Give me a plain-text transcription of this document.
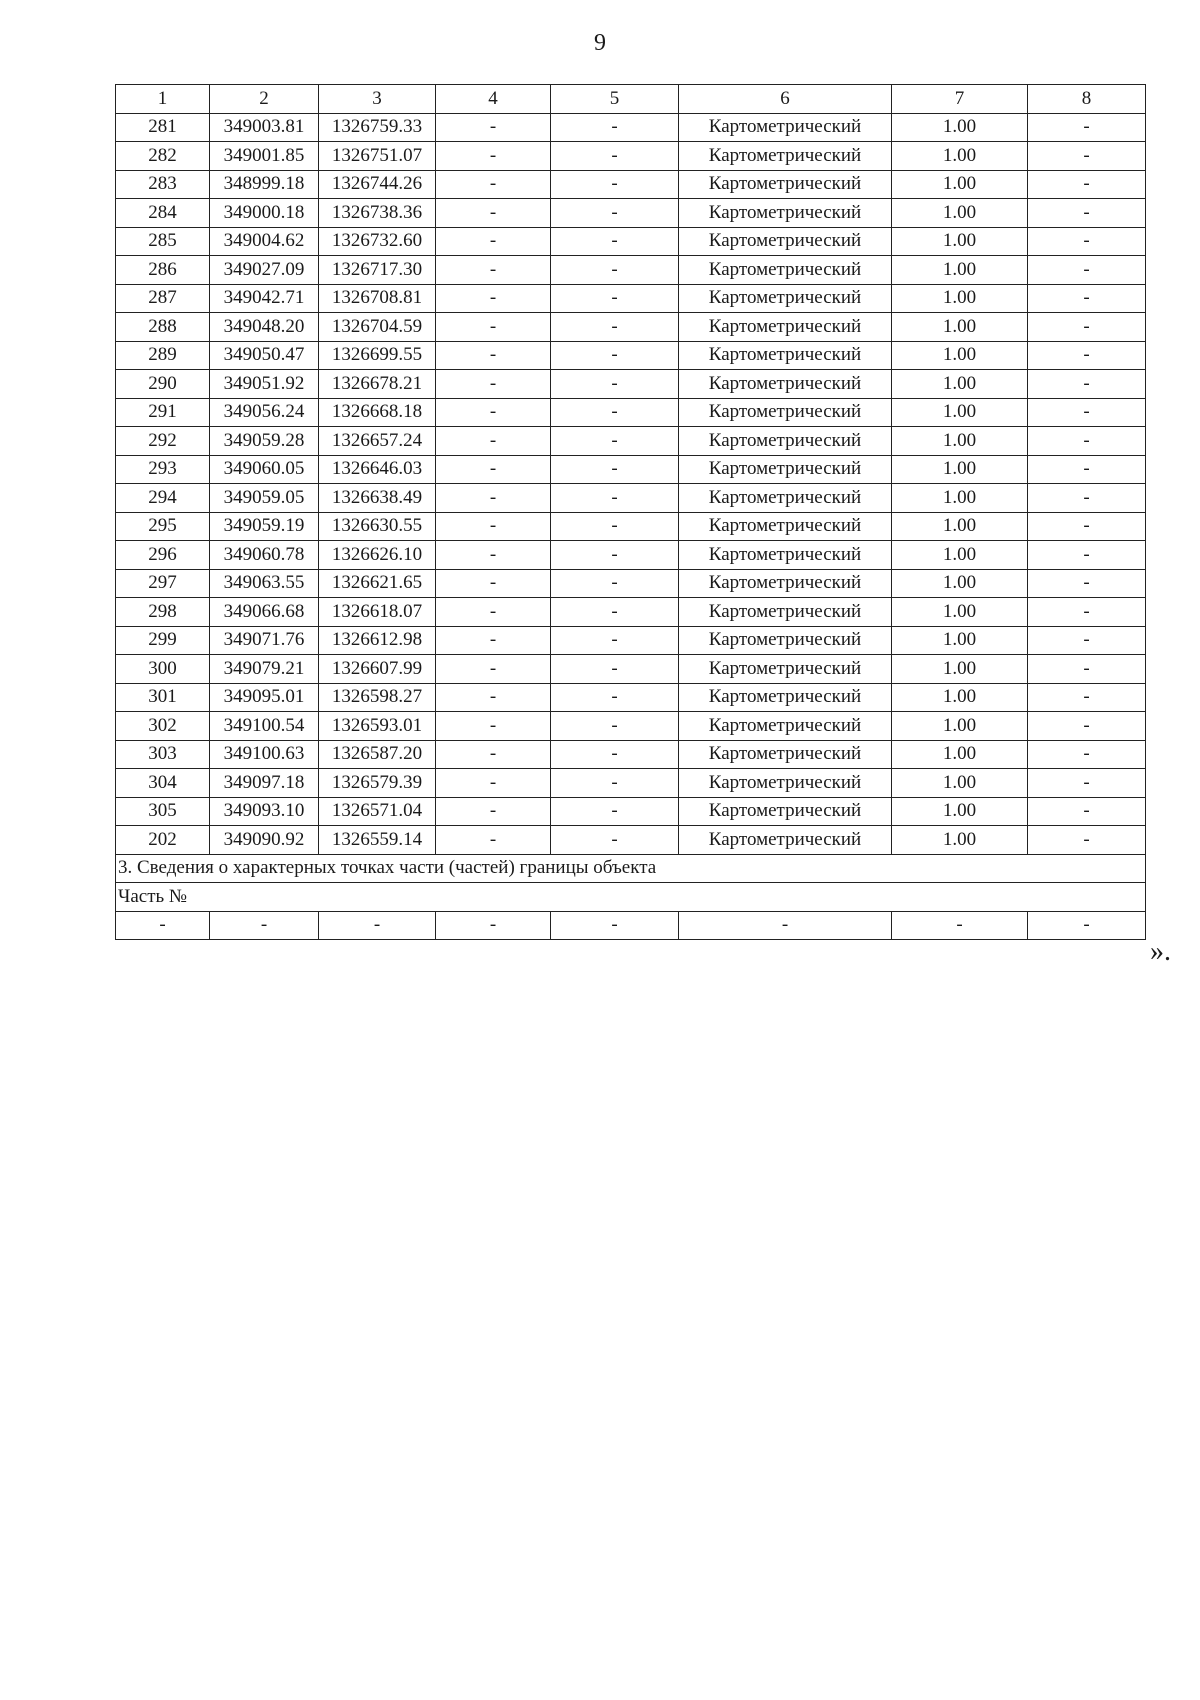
9
1	2	3	4	5	6	7	8
281	349003.81	1326759.33	-	-	Картометрический	1.00	-
282	349001.85	1326751.07	-	-	Картометрический	1.00	-
283	348999.18	1326744.26	-	-	Картометрический	1.00	-
284	349000.18	1326738.36	-	-	Картометрический	1.00	-
285	349004.62	1326732.60	-	-	Картометрический	1.00	-
286	349027.09	1326717.30	-	-	Картометрический	1.00	-
287	349042.71	1326708.81	-	-	Картометрический	1.00	-
288	349048.20	1326704.59	-	-	Картометрический	1.00	-
289	349050.47	1326699.55	-	-	Картометрический	1.00	-
290	349051.92	1326678.21	-	-	Картометрический	1.00	-
291	349056.24	1326668.18	-	-	Картометрический	1.00	-
292	349059.28	1326657.24	-	-	Картометрический	1.00	-
293	349060.05	1326646.03	-	-	Картометрический	1.00	-
294	349059.05	1326638.49	-	-	Картометрический	1.00	-
295	349059.19	1326630.55	-	-	Картометрический	1.00	-
296	349060.78	1326626.10	-	-	Картометрический	1.00	-
297	349063.55	1326621.65	-	-	Картометрический	1.00	-
298	349066.68	1326618.07	-	-	Картометрический	1.00	-
299	349071.76	1326612.98	-	-	Картометрический	1.00	-
300	349079.21	1326607.99	-	-	Картометрический	1.00	-
301	349095.01	1326598.27	-	-	Картометрический	1.00	-
302	349100.54	1326593.01	-	-	Картометрический	1.00	-
303	349100.63	1326587.20	-	-	Картометрический	1.00	-
304	349097.18	1326579.39	-	-	Картометрический	1.00	-
305	349093.10	1326571.04	-	-	Картометрический	1.00	-
202	349090.92	1326559.14	-	-	Картометрический	1.00	-
3. Сведения о характерных точках части (частей) границы объекта							
Часть №							
-	-	-	-	-	-	-	-
».
